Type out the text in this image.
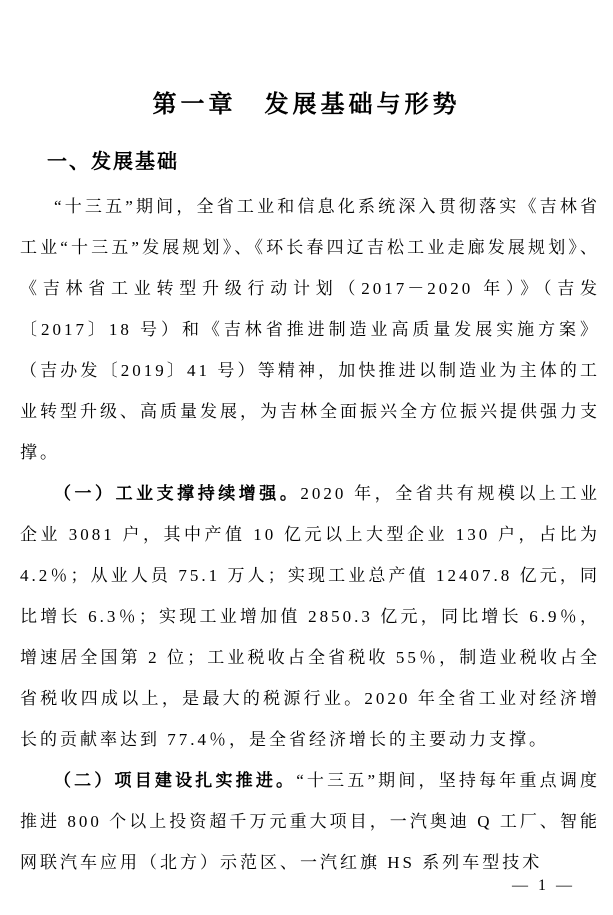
第一章　发展基础与形势
一、发展基础

“十三五”期间，全省工业和信息化系统深入贯彻落实《吉林省工业“十三五”发展规划》、《环长春四辽吉松工业走廊发展规划》、《吉林省工业转型升级行动计划（2017－2020 年）》（吉发〔2017〕18 号）和《吉林省推进制造业高质量发展实施方案》（吉办发〔2019〕41 号）等精神，加快推进以制造业为主体的工业转型升级、高质量发展，为吉林全面振兴全方位振兴提供强力支撑。

（一）工业支撑持续增强。2020 年，全省共有规模以上工业企业 3081 户，其中产值 10 亿元以上大型企业 130 户，占比为 4.2％；从业人员 75.1 万人；实现工业总产值 12407.8 亿元，同比增长 6.3％；实现工业增加值 2850.3 亿元，同比增长 6.9％，增速居全国第 2 位；工业税收占全省税收 55％，制造业税收占全省税收四成以上，是最大的税源行业。2020 年全省工业对经济增长的贡献率达到 77.4％，是全省经济增长的主要动力支撑。

（二）项目建设扎实推进。“十三五”期间，坚持每年重点调度推进 800 个以上投资超千万元重大项目，一汽奥迪 Q 工厂、智能网联汽车应用（北方）示范区、一汽红旗 HS 系列车型技术

— 1 —
